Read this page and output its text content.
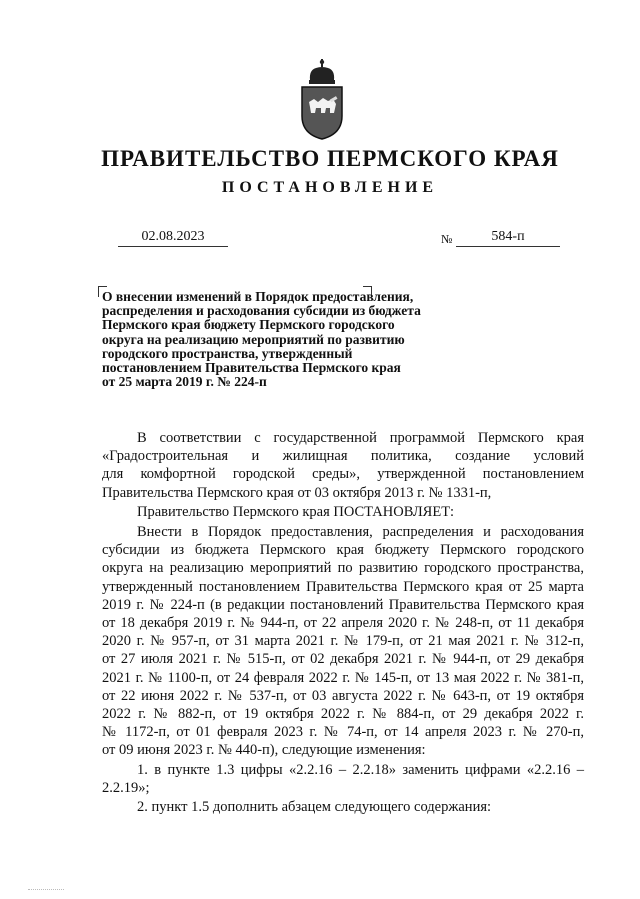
ПРАВИТЕЛЬСТВО ПЕРМСКОГО КРАЯ
ПОСТАНОВЛЕНИЕ
02.08.2023	№	584-п
О внесении изменений в Порядок предоставления,
распределения и расходования субсидии из бюджета
Пермского края бюджету Пермского городского
округа на реализацию мероприятий по развитию
городского пространства, утвержденный
постановлением Правительства Пермского края
от 25 марта 2019 г. № 224-п

В соответствии с государственной программой Пермского края
«Градостроительная и жилищная политика, создание условий
для комфортной городской среды», утвержденной постановлением
Правительства Пермского края от 03 октября 2013 г. № 1331-п,

Правительство Пермского края ПОСТАНОВЛЯЕТ:

Внести в Порядок предоставления, распределения и расходования
субсидии из бюджета Пермского края бюджету Пермского городского
округа на реализацию мероприятий по развитию городского пространства,
утвержденный постановлением Правительства Пермского края от 25 марта
2019 г. № 224-п (в редакции постановлений Правительства Пермского края
от 18 декабря 2019 г. № 944-п, от 22 апреля 2020 г. № 248-п, от 11 декабря
2020 г. № 957-п, от 31 марта 2021 г. № 179-п, от 21 мая 2021 г. № 312-п,
от 27 июля 2021 г. № 515-п, от 02 декабря 2021 г. № 944-п, от 29 декабря
2021 г. № 1100-п, от 24 февраля 2022 г. № 145-п, от 13 мая 2022 г. № 381-п,
от 22 июня 2022 г. № 537-п, от 03 августа 2022 г. № 643-п, от 19 октября
2022 г. № 882-п, от 19 октября 2022 г. № 884-п, от 29 декабря 2022 г.
№ 1172-п, от 01 февраля 2023 г. № 74-п, от 14 апреля 2023 г. № 270-п,
от 09 июня 2023 г. № 440-п), следующие изменения:

1. в пункте 1.3 цифры «2.2.16 – 2.2.18» заменить цифрами «2.2.16 –
2.2.19»;

2. пункт 1.5 дополнить абзацем следующего содержания:
